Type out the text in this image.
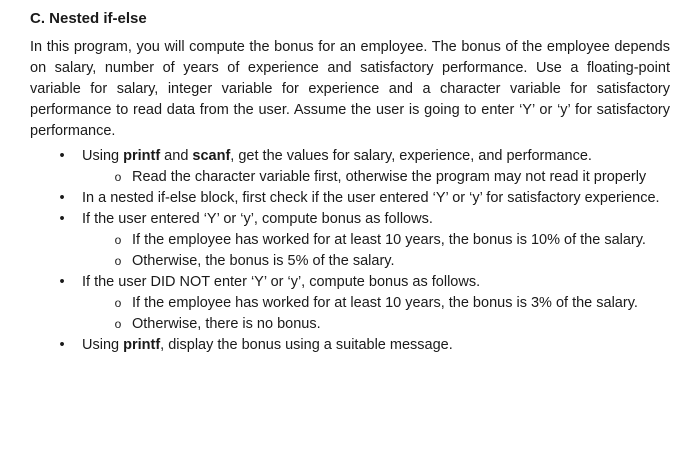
C. Nested if-else

In this program, you will compute the bonus for an employee. The bonus of the employee depends on salary, number of years of experience and satisfactory performance. Use a floating-point variable for salary, integer variable for experience and a character variable for satisfactory performance to read data from the user. Assume the user is going to enter ‘Y’ or ‘y’ for satisfactory performance.

•	Using printf and scanf, get the values for salary, experience, and performance.
o Read the character variable first, otherwise the program may not read it properly
•	In a nested if-else block, first check if the user entered ‘Y’ or ‘y’ for satisfactory experience.
•	If the user entered ‘Y’ or ‘y’, compute bonus as follows.
o If the employee has worked for at least 10 years, the bonus is 10% of the salary.
o Otherwise, the bonus is 5% of the salary.
•	If the user DID NOT enter ‘Y’ or ‘y’, compute bonus as follows.
o If the employee has worked for at least 10 years, the bonus is 3% of the salary.
o Otherwise, there is no bonus.
•	Using printf, display the bonus using a suitable message.
